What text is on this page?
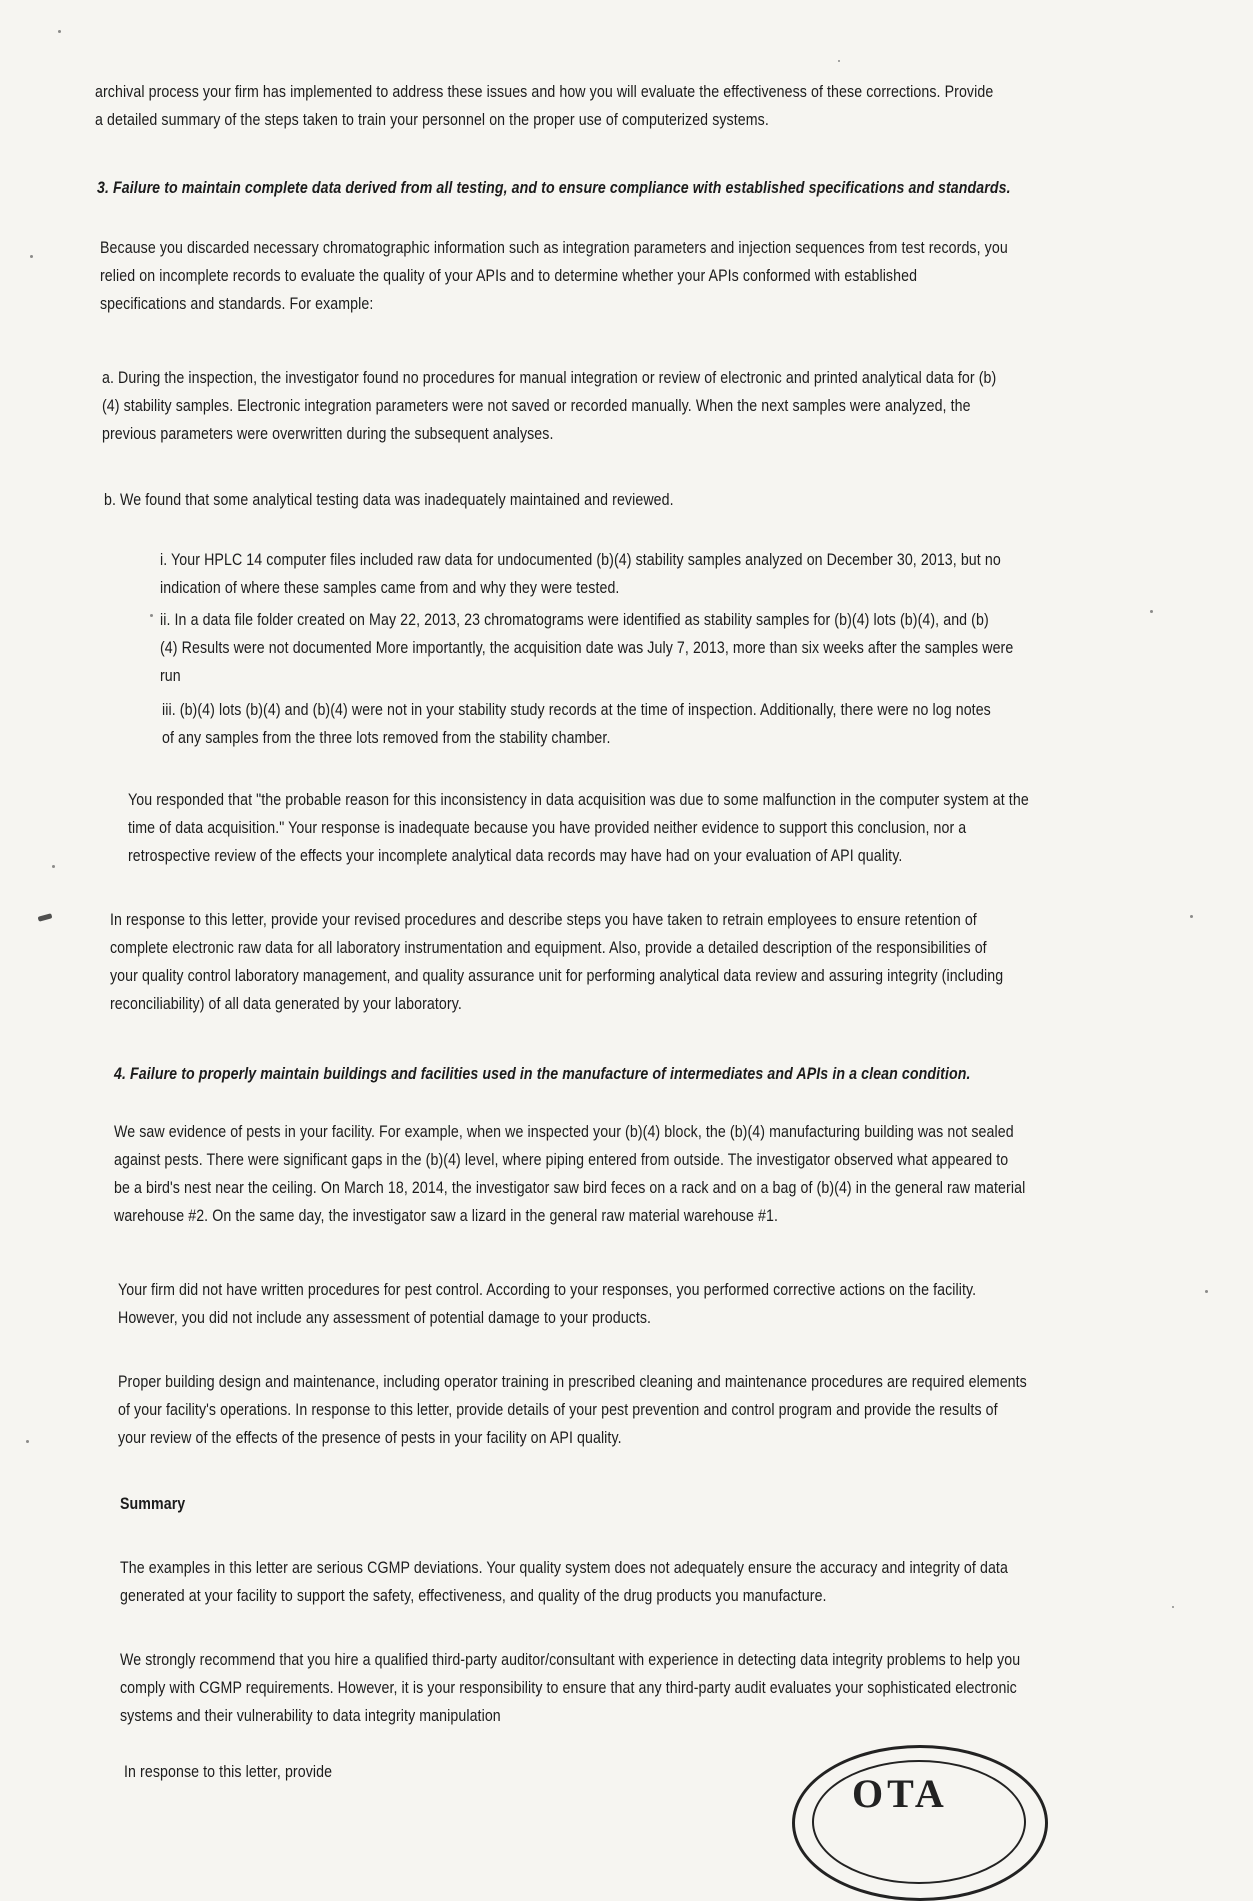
archival process your firm has implemented to address these issues and how you will evaluate the effectiveness of these corrections. Provide
a detailed summary of the steps taken to train your personnel on the proper use of computerized systems.

3. Failure to maintain complete data derived from all testing, and to ensure compliance with established specifications and standards.

Because you discarded necessary chromatographic information such as integration parameters and injection sequences from test records, you
relied on incomplete records to evaluate the quality of your APIs and to determine whether your APIs conformed with established
specifications and standards. For example:

a. During the inspection, the investigator found no procedures for manual integration or review of electronic and printed analytical data for (b)
(4) stability samples. Electronic integration parameters were not saved or recorded manually. When the next samples were analyzed, the
previous parameters were overwritten during the subsequent analyses.

b. We found that some analytical testing data was inadequately maintained and reviewed.

i. Your HPLC 14 computer files included raw data for undocumented (b)(4) stability samples analyzed on December 30, 2013, but no
indication of where these samples came from and why they were tested.

ii. In a data file folder created on May 22, 2013, 23 chromatograms were identified as stability samples for (b)(4) lots (b)(4), and (b)
(4) Results were not documented More importantly, the acquisition date was July 7, 2013, more than six weeks after the samples were
run

iii. (b)(4) lots (b)(4) and (b)(4) were not in your stability study records at the time of inspection. Additionally, there were no log notes
of any samples from the three lots removed from the stability chamber.

You responded that "the probable reason for this inconsistency in data acquisition was due to some malfunction in the computer system at the
time of data acquisition." Your response is inadequate because you have provided neither evidence to support this conclusion, nor a
retrospective review of the effects your incomplete analytical data records may have had on your evaluation of API quality.

In response to this letter, provide your revised procedures and describe steps you have taken to retrain employees to ensure retention of
complete electronic raw data for all laboratory instrumentation and equipment. Also, provide a detailed description of the responsibilities of
your quality control laboratory management, and quality assurance unit for performing analytical data review and assuring integrity (including
reconciliability) of all data generated by your laboratory.

4. Failure to properly maintain buildings and facilities used in the manufacture of intermediates and APIs in a clean condition.

We saw evidence of pests in your facility. For example, when we inspected your (b)(4) block, the (b)(4) manufacturing building was not sealed
against pests. There were significant gaps in the (b)(4) level, where piping entered from outside. The investigator observed what appeared to
be a bird's nest near the ceiling. On March 18, 2014, the investigator saw bird feces on a rack and on a bag of (b)(4) in the general raw material
warehouse #2. On the same day, the investigator saw a lizard in the general raw material warehouse #1.

Your firm did not have written procedures for pest control. According to your responses, you performed corrective actions on the facility.
However, you did not include any assessment of potential damage to your products.

Proper building design and maintenance, including operator training in prescribed cleaning and maintenance procedures are required elements
of your facility's operations. In response to this letter, provide details of your pest prevention and control program and provide the results of
your review of the effects of the presence of pests in your facility on API quality.

Summary

The examples in this letter are serious CGMP deviations. Your quality system does not adequately ensure the accuracy and integrity of data
generated at your facility to support the safety, effectiveness, and quality of the drug products you manufacture.

We strongly recommend that you hire a qualified third-party auditor/consultant with experience in detecting data integrity problems to help you
comply with CGMP requirements. However, it is your responsibility to ensure that any third-party audit evaluates your sophisticated electronic
systems and their vulnerability to data integrity manipulation

In response to this letter, provide	OTA
